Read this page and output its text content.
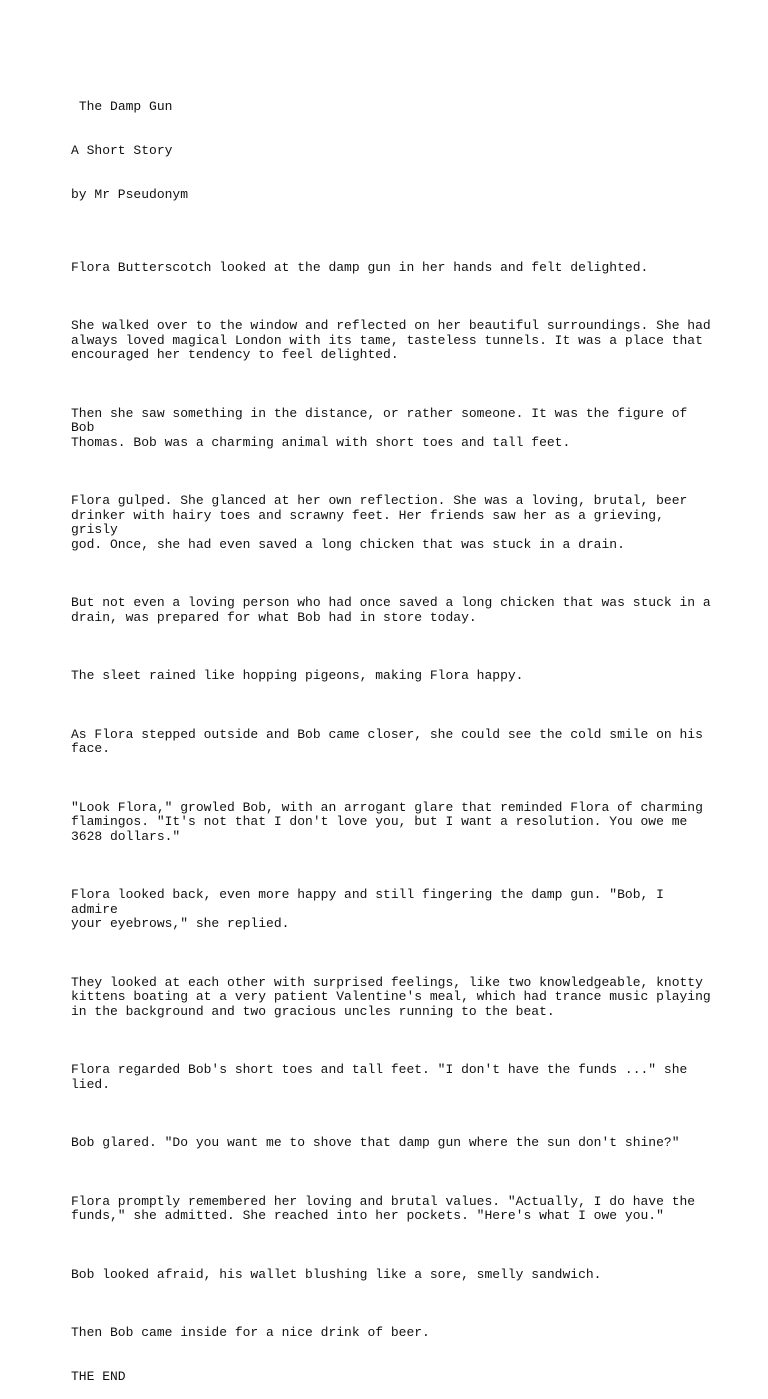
The Damp Gun

A Short Story

by Mr Pseudonym

Flora Butterscotch looked at the damp gun in her hands and felt delighted.

She walked over to the window and reflected on her beautiful surroundings. She had
always loved magical London with its tame, tasteless tunnels. It was a place that
encouraged her tendency to feel delighted.

Then she saw something in the distance, or rather someone. It was the figure of Bob
Thomas. Bob was a charming animal with short toes and tall feet.

Flora gulped. She glanced at her own reflection. She was a loving, brutal, beer
drinker with hairy toes and scrawny feet. Her friends saw her as a grieving, grisly
god. Once, she had even saved a long chicken that was stuck in a drain.

But not even a loving person who had once saved a long chicken that was stuck in a
drain, was prepared for what Bob had in store today.

The sleet rained like hopping pigeons, making Flora happy.

As Flora stepped outside and Bob came closer, she could see the cold smile on his
face.

"Look Flora," growled Bob, with an arrogant glare that reminded Flora of charming
flamingos. "It's not that I don't love you, but I want a resolution. You owe me
3628 dollars."

Flora looked back, even more happy and still fingering the damp gun. "Bob, I admire
your eyebrows," she replied.

They looked at each other with surprised feelings, like two knowledgeable, knotty
kittens boating at a very patient Valentine's meal, which had trance music playing
in the background and two gracious uncles running to the beat.

Flora regarded Bob's short toes and tall feet. "I don't have the funds ..." she
lied.

Bob glared. "Do you want me to shove that damp gun where the sun don't shine?"

Flora promptly remembered her loving and brutal values. "Actually, I do have the
funds," she admitted. She reached into her pockets. "Here's what I owe you."

Bob looked afraid, his wallet blushing like a sore, smelly sandwich.

Then Bob came inside for a nice drink of beer.

THE END
